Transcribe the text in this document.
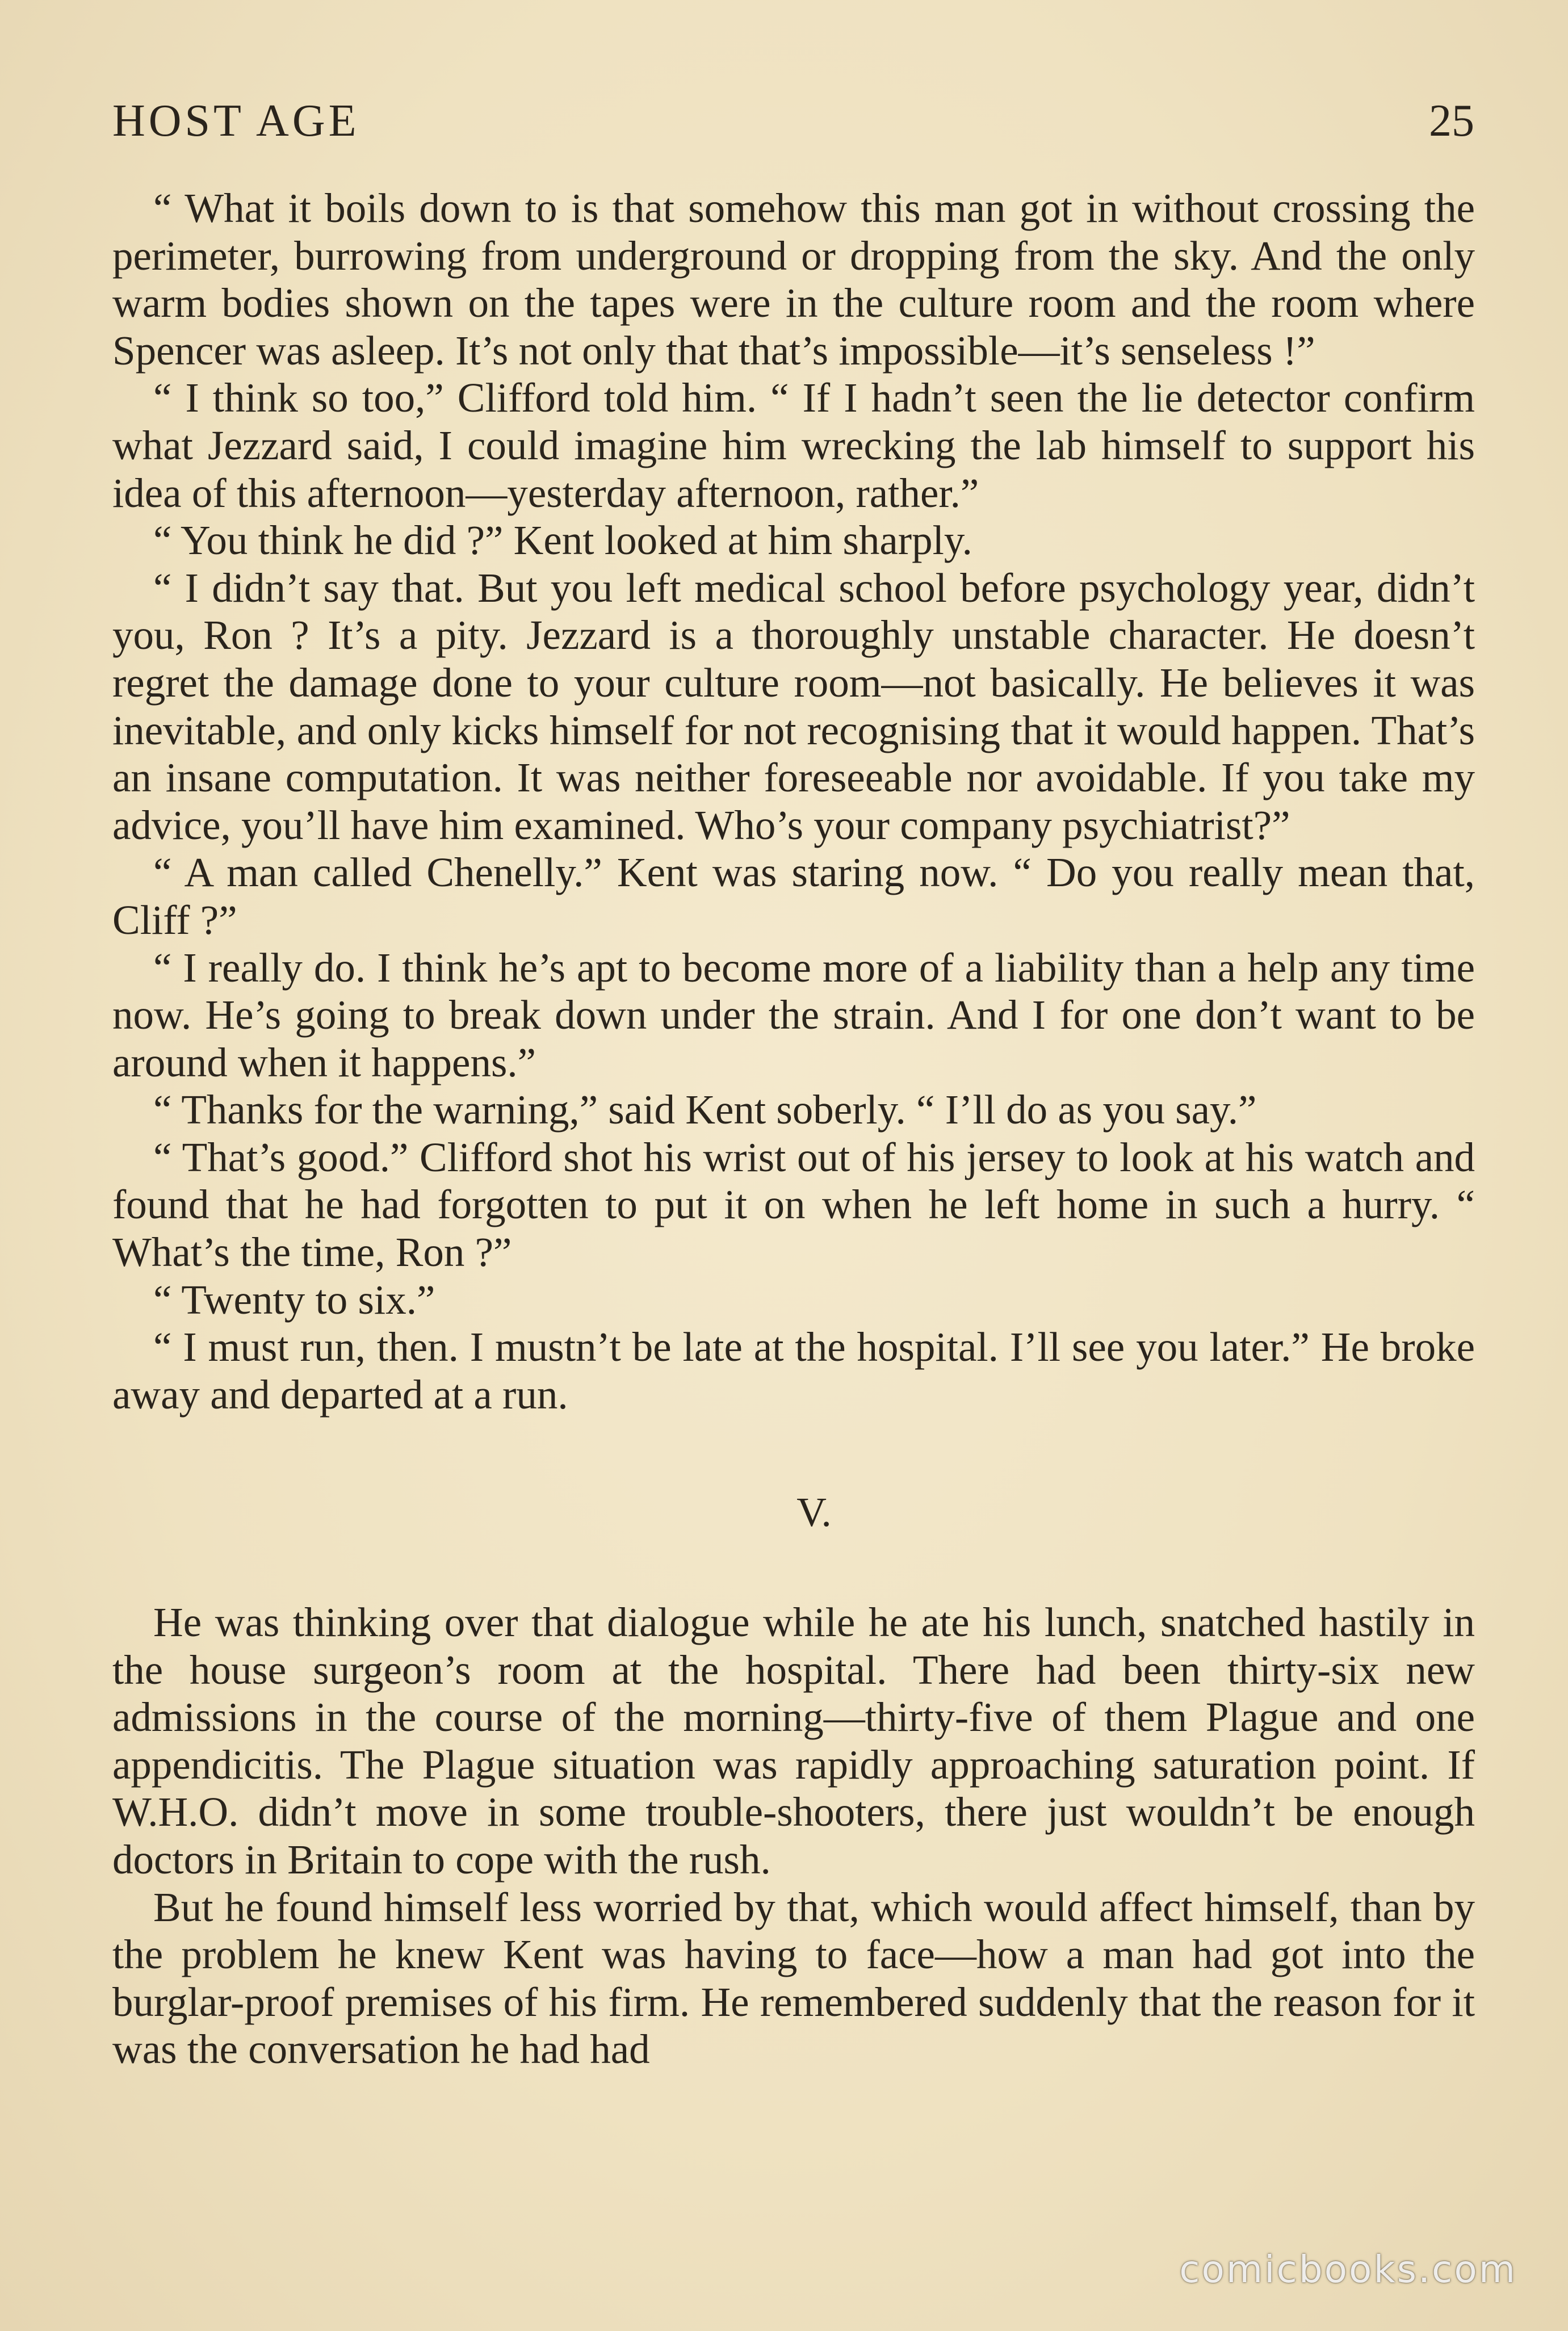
HOST AGE	25

“ What it boils down to is that somehow this man got in without crossing the perimeter, burrowing from underground or dropping from the sky. And the only warm bodies shown on the tapes were in the culture room and the room where Spencer was asleep. It’s not only that that’s impossible—it’s senseless !”

“ I think so too,” Clifford told him. “ If I hadn’t seen the lie detector confirm what Jezzard said, I could imagine him wrecking the lab himself to support his idea of this afternoon—yesterday afternoon, rather.”

“ You think he did ?” Kent looked at him sharply.

“ I didn’t say that. But you left medical school before psychology year, didn’t you, Ron ? It’s a pity. Jezzard is a thoroughly unstable character. He doesn’t regret the damage done to your culture room—not basically. He believes it was inevitable, and only kicks himself for not recognising that it would happen. That’s an insane computation. It was neither foreseeable nor avoidable. If you take my advice, you’ll have him examined. Who’s your company psychiatrist?”

“ A man called Chenelly.” Kent was staring now. “ Do you really mean that, Cliff ?”

“ I really do. I think he’s apt to become more of a liability than a help any time now. He’s going to break down under the strain. And I for one don’t want to be around when it happens.”

“ Thanks for the warning,” said Kent soberly. “ I’ll do as you say.”

“ That’s good.” Clifford shot his wrist out of his jersey to look at his watch and found that he had forgotten to put it on when he left home in such a hurry. “ What’s the time, Ron ?”

“ Twenty to six.”

“ I must run, then. I mustn’t be late at the hospital. I’ll see you later.” He broke away and departed at a run.

V.

He was thinking over that dialogue while he ate his lunch, snatched hastily in the house surgeon’s room at the hospital. There had been thirty-six new admissions in the course of the morning—thirty-five of them Plague and one appendicitis. The Plague situation was rapidly approaching saturation point. If W.H.O. didn’t move in some trouble-shooters, there just wouldn’t be enough doctors in Britain to cope with the rush.

But he found himself less worried by that, which would affect himself, than by the problem he knew Kent was having to face—how a man had got into the burglar-proof premises of his firm. He remembered suddenly that the reason for it was the conversation he had had

comicbooks.com
